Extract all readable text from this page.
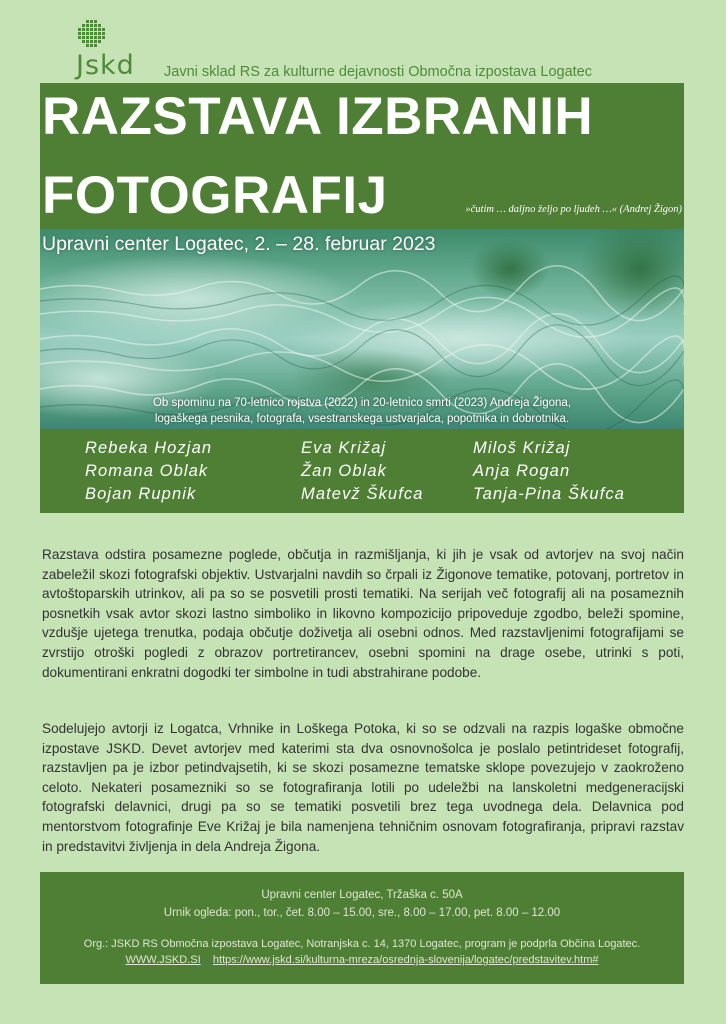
Jskd Javni sklad RS za kulturne dejavnosti Območna izpostava Logatec
RAZSTAVA IZBRANIH
FOTOGRAFIJ	»čutim … daljno željo po ljudeh …« (Andrej Žigon)
Upravni center Logatec, 2. – 28. februar 2023
Ob spominu na 70-letnico rojstva (2022) in 20-letnico smrti (2023) Andreja Žigona,
logaškega pesnika, fotografa, vsestranskega ustvarjalca, popotnika in dobrotnika.
Rebeka Hozjan	Eva Križaj	Miloš Križaj
Romana Oblak	Žan Oblak	Anja Rogan
Bojan Rupnik	Matevž Škufca	Tanja-Pina Škufca

Razstava odstira posamezne poglede, občutja in razmišljanja, ki jih je vsak od avtorjev na svoj način zabeležil skozi fotografski objektiv. Ustvarjalni navdih so črpali iz Žigonove tematike, potovanj, portretov in avtoštoparskih utrinkov, ali pa so se posvetili prosti tematiki. Na serijah več fotografij ali na posameznih posnetkih vsak avtor skozi lastno simboliko in likovno kompozicijo pripoveduje zgodbo, beleži spomine, vzdušje ujetega trenutka, podaja občutje doživetja ali osebni odnos. Med razstavljenimi fotografijami se zvrstijo otroški pogledi z obrazov portretirancev, osebni spomini na drage osebe, utrinki s poti, dokumentirani enkratni dogodki ter simbolne in tudi abstrahirane podobe.

Sodelujejo avtorji iz Logatca, Vrhnike in Loškega Potoka, ki so se odzvali na razpis logaške območne izpostave JSKD. Devet avtorjev med katerimi sta dva osnovnošolca je poslalo petintrideset fotografij, razstavljen pa je izbor petindvajsetih, ki se skozi posamezne tematske sklope povezujejo v zaokroženo celoto. Nekateri posamezniki so se fotografiranja lotili po udeležbi na lanskoletni medgeneracijski fotografski delavnici, drugi pa so se tematiki posvetili brez tega uvodnega dela. Delavnica pod mentorstvom fotografinje Eve Križaj je bila namenjena tehničnim osnovam fotografiranja, pripravi razstav in predstavitvi življenja in dela Andreja Žigona.

Upravni center Logatec, Tržaška c. 50A
Urnik ogleda: pon., tor., čet. 8.00 – 15.00, sre., 8.00 – 17.00, pet. 8.00 – 12.00
Org.: JSKD RS Območna izpostava Logatec, Notranjska c. 14, 1370 Logatec, program je podprla Občina Logatec.
WWW.JSKD.SI https://www.jskd.si/kulturna-mreza/osrednja-slovenija/logatec/predstavitev.htm#
